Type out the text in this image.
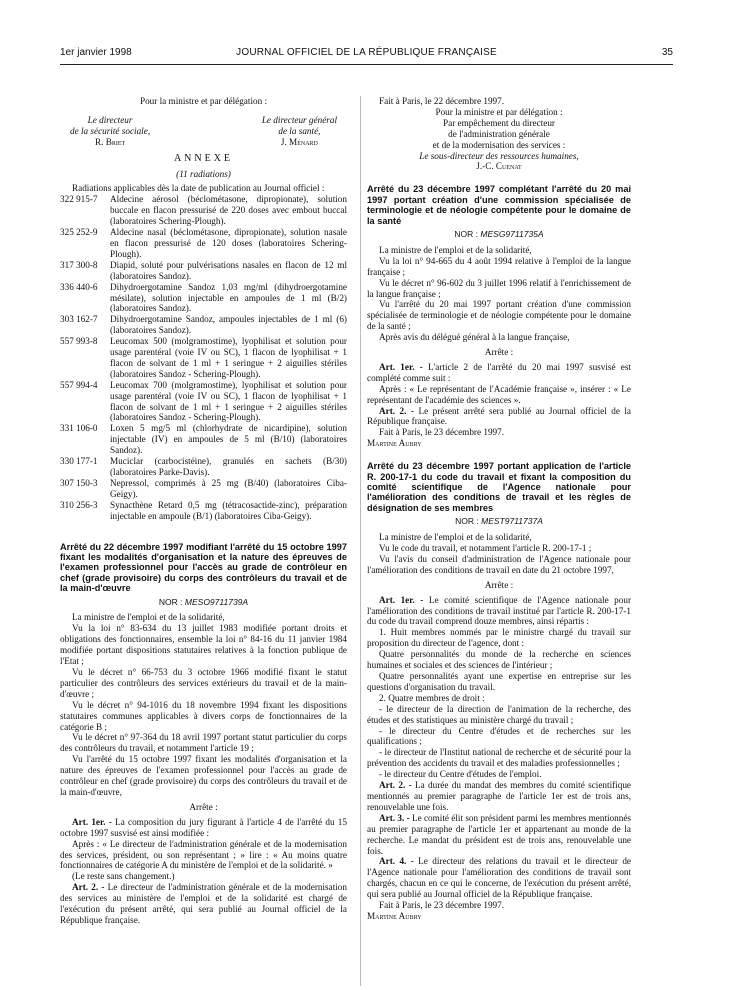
1er janvier 1998	JOURNAL OFFICIEL DE LA RÉPUBLIQUE FRANÇAISE	35

Pour la ministre et par délégation :

Le directeur
de la sécurité sociale,
R. Briet
Le directeur général
de la santé,
J. Ménard
ANNEXE

(11 radiations)

Radiations applicables dès la date de publication au Journal officiel :

322 915-7	Aldecine aérosol (béclométasone, dipropionate), solution buccale en flacon pressurisé de 220 doses avec embout buccal (laboratoires Schering-Plough).
325 252-9	Aldecine nasal (béclométasone, dipropionate), solution nasale en flacon pressurisé de 120 doses (laboratoires Schering-Plough).
317 300-8	Diapid, soluté pour pulvérisations nasales en flacon de 12 ml (laboratoires Sandoz).
336 440-6	Dihydroergotamine Sandoz 1,03 mg/ml (dihydroergotamine mésilate), solution injectable en ampoules de 1 ml (B/2) (laboratoires Sandoz).
303 162-7	Dihydroergotamine Sandoz, ampoules injectables de 1 ml (6) (laboratoires Sandoz).
557 993-8	Leucomax 500 (molgramostime), lyophilisat et solution pour usage parentéral (voie IV ou SC), 1 flacon de lyophilisat + 1 flacon de solvant de 1 ml + 1 seringue + 2 aiguilles stériles (laboratoires Sandoz - Schering-Plough).
557 994-4	Leucomax 700 (molgramostime), lyophilisat et solution pour usage parentéral (voie IV ou SC), 1 flacon de lyophilisat + 1 flacon de solvant de 1 ml + 1 seringue + 2 aiguilles stériles (laboratoires Sandoz - Schering-Plough).
331 106-0	Loxen 5 mg/5 ml (chlorhydrate de nicardipine), solution injectable (IV) en ampoules de 5 ml (B/10) (laboratoires Sandoz).
330 177-1	Muciclar (carbocistéine), granulés en sachets (B/30) (laboratoires Parke-Davis).
307 150-3	Nepressol, comprimés à 25 mg (B/40) (laboratoires Ciba-Geigy).
310 256-3	Synacthène Retard 0,5 mg (tétracosactide-zinc), préparation injectable en ampoule (B/1) (laboratoires Ciba-Geigy).

Arrêté du 22 décembre 1997 modifiant l'arrêté du 15 octobre 1997 fixant les modalités d'organisation et la nature des épreuves de l'examen professionnel pour l'accès au grade de contrôleur en chef (grade provisoire) du corps des contrôleurs du travail et de la main-d'œuvre

NOR : MESO9711739A

La ministre de l'emploi et de la solidarité,

Vu la loi n° 83-634 du 13 juillet 1983 modifiée portant droits et obligations des fonctionnaires, ensemble la loi n° 84-16 du 11 janvier 1984 modifiée portant dispositions statutaires relatives à la fonction publique de l'Etat ;

Vu le décret n° 66-753 du 3 octobre 1966 modifié fixant le statut particulier des contrôleurs des services extérieurs du travail et de la main-d'œuvre ;

Vu le décret n° 94-1016 du 18 novembre 1994 fixant les dispositions statutaires communes applicables à divers corps de fonctionnaires de la catégorie B ;

Vu le décret n° 97-364 du 18 avril 1997 portant statut particulier du corps des contrôleurs du travail, et notamment l'article 19 ;

Vu l'arrêté du 15 octobre 1997 fixant les modalités d'organisation et la nature des épreuves de l'examen professionnel pour l'accès au grade de contrôleur en chef (grade provisoire) du corps des contrôleurs du travail et de la main-d'œuvre,

Arrête :

Art. 1er. - La composition du jury figurant à l'article 4 de l'arrêté du 15 octobre 1997 susvisé est ainsi modifiée :

Après : « Le directeur de l'administration générale et de la modernisation des services, président, ou son représentant ; » lire : « Au moins quatre fonctionnaires de catégorie A du ministère de l'emploi et de la solidarité. »

(Le reste sans changement.)

Art. 2. - Le directeur de l'administration générale et de la modernisation des services au ministère de l'emploi et de la solidarité est chargé de l'exécution du présent arrêté, qui sera publié au Journal officiel de la République française.

Fait à Paris, le 22 décembre 1997.

Pour la ministre et par délégation :

Par empêchement du directeur

de l'administration générale

et de la modernisation des services :

Le sous-directeur des ressources humaines,

J.-C. Cuenat

Arrêté du 23 décembre 1997 complétant l'arrêté du 20 mai 1997 portant création d'une commission spécialisée de terminologie et de néologie compétente pour le domaine de la santé

NOR : MESG9711735A

La ministre de l'emploi et de la solidarité,

Vu la loi n° 94-665 du 4 août 1994 relative à l'emploi de la langue française ;

Vu le décret n° 96-602 du 3 juillet 1996 relatif à l'enrichissement de la langue française ;

Vu l'arrêté du 20 mai 1997 portant création d'une commission spécialisée de terminologie et de néologie compétente pour le domaine de la santé ;

Après avis du délégué général à la langue française,

Arrête :

Art. 1er. - L'article 2 de l'arrêté du 20 mai 1997 susvisé est complété comme suit :

Après : « Le représentant de l'Académie française », insérer : « Le représentant de l'académie des sciences ».

Art. 2. - Le présent arrêté sera publié au Journal officiel de la République française.

Fait à Paris, le 23 décembre 1997.

Martine Aubry

Arrêté du 23 décembre 1997 portant application de l'article R. 200-17-1 du code du travail et fixant la composition du comité scientifique de l'Agence nationale pour l'amélioration des conditions de travail et les règles de désignation de ses membres

NOR : MEST9711737A

La ministre de l'emploi et de la solidarité,

Vu le code du travail, et notamment l'article R. 200-17-1 ;

Vu l'avis du conseil d'administration de l'Agence nationale pour l'amélioration des conditions de travail en date du 21 octobre 1997,

Arrête :

Art. 1er. - Le comité scientifique de l'Agence nationale pour l'amélioration des conditions de travail institué par l'article R. 200-17-1 du code du travail comprend douze membres, ainsi répartis :

1. Huit membres nommés par le ministre chargé du travail sur proposition du directeur de l'agence, dont :

Quatre personnalités du monde de la recherche en sciences humaines et sociales et des sciences de l'intérieur ;

Quatre personnalités ayant une expertise en entreprise sur les questions d'organisation du travail.

2. Quatre membres de droit :

- le directeur de la direction de l'animation de la recherche, des études et des statistiques au ministère chargé du travail ;

- le directeur du Centre d'études et de recherches sur les qualifications ;

- le directeur de l'Institut national de recherche et de sécurité pour la prévention des accidents du travail et des maladies professionnelles ;

- le directeur du Centre d'études de l'emploi.

Art. 2. - La durée du mandat des membres du comité scientifique mentionnés au premier paragraphe de l'article 1er est de trois ans, renouvelable une fois.

Art. 3. - Le comité élit son président parmi les membres mentionnés au premier paragraphe de l'article 1er et appartenant au monde de la recherche. Le mandat du président est de trois ans, renouvelable une fois.

Art. 4. - Le directeur des relations du travail et le directeur de l'Agence nationale pour l'amélioration des conditions de travail sont chargés, chacun en ce qui le concerne, de l'exécution du présent arrêté, qui sera publié au Journal officiel de la République française.

Fait à Paris, le 23 décembre 1997.

Martine Aubry
